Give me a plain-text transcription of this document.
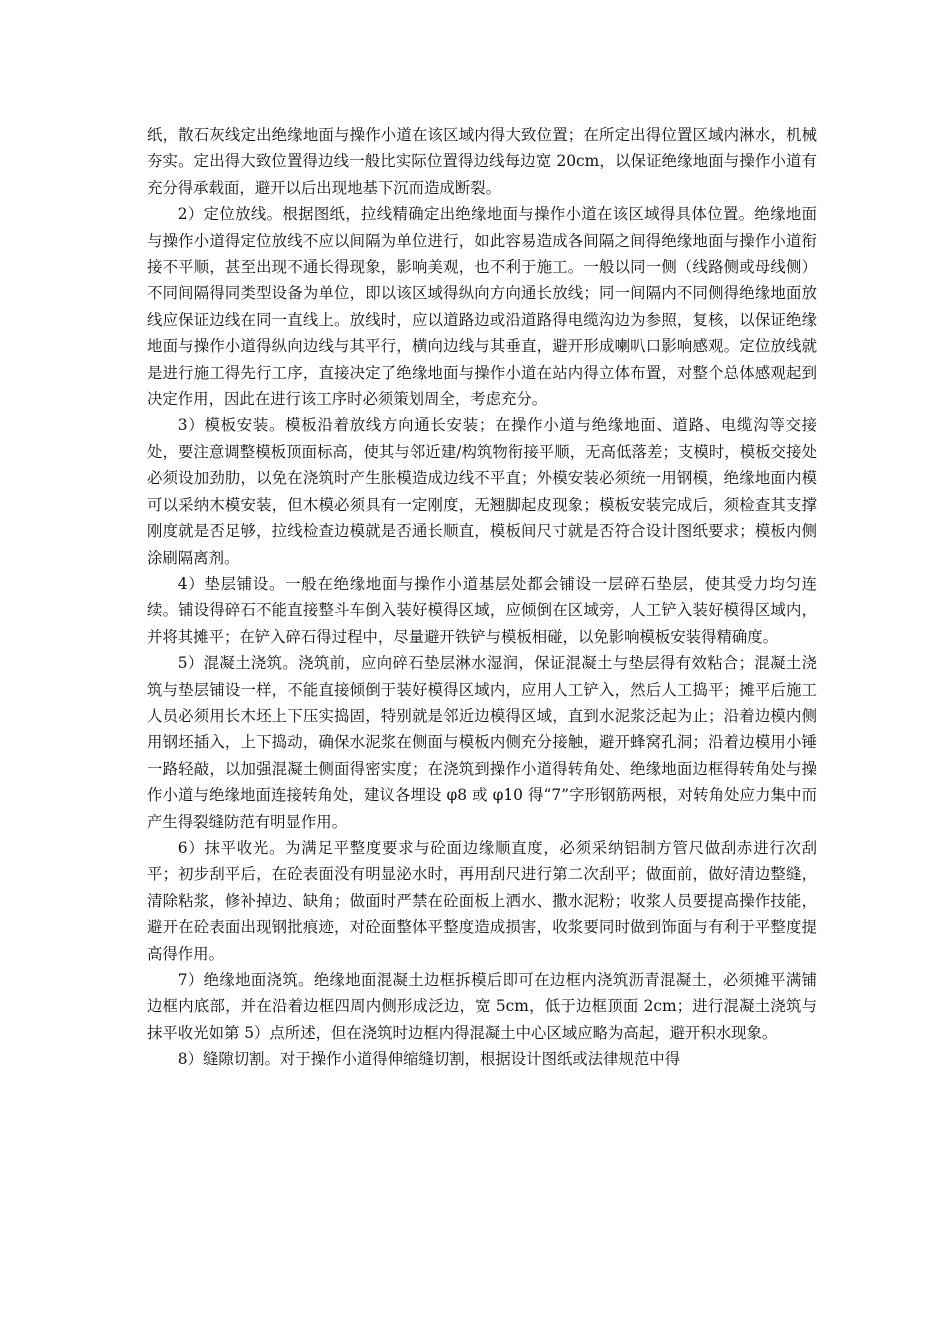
纸，散石灰线定出绝缘地面与操作小道在该区域内得大致位置；在所定出得位置区域内淋水，机械夯实。定出得大致位置得边线一般比实际位置得边线每边宽 20cm，以保证绝缘地面与操作小道有充分得承载面，避开以后出现地基下沉而造成断裂。

2）定位放线。根据图纸，拉线精确定出绝缘地面与操作小道在该区域得具体位置。绝缘地面与操作小道得定位放线不应以间隔为单位进行，如此容易造成各间隔之间得绝缘地面与操作小道衔接不平顺，甚至出现不通长得现象，影响美观，也不利于施工。一般以同一侧（线路侧或母线侧）不同间隔得同类型设备为单位，即以该区域得纵向方向通长放线；同一间隔内不同侧得绝缘地面放线应保证边线在同一直线上。放线时，应以道路边或沿道路得电缆沟边为参照，复核，以保证绝缘地面与操作小道得纵向边线与其平行，横向边线与其垂直，避开形成喇叭口影响感观。定位放线就是进行施工得先行工序，直接决定了绝缘地面与操作小道在站内得立体布置，对整个总体感观起到决定作用，因此在进行该工序时必须策划周全，考虑充分。

3）模板安装。模板沿着放线方向通长安装；在操作小道与绝缘地面、道路、电缆沟等交接处，要注意调整模板顶面标高，使其与邻近建/构筑物衔接平顺，无高低落差；支模时，模板交接处必须设加劲肋，以免在浇筑时产生胀模造成边线不平直；外模安装必须统一用钢模，绝缘地面内模可以采纳木模安装，但木模必须具有一定刚度，无翘脚起皮现象；模板安装完成后，须检查其支撑刚度就是否足够，拉线检查边模就是否通长顺直，模板间尺寸就是否符合设计图纸要求；模板内侧涂刷隔离剂。

4）垫层铺设。一般在绝缘地面与操作小道基层处都会铺设一层碎石垫层，使其受力均匀连续。铺设得碎石不能直接整斗车倒入装好模得区域，应倾倒在区域旁，人工铲入装好模得区域内，并将其摊平；在铲入碎石得过程中，尽量避开铁铲与模板相碰，以免影响模板安装得精确度。

5）混凝土浇筑。浇筑前，应向碎石垫层淋水湿润，保证混凝土与垫层得有效粘合；混凝土浇筑与垫层铺设一样，不能直接倾倒于装好模得区域内，应用人工铲入，然后人工捣平；摊平后施工人员必须用长木坯上下压实捣固，特别就是邻近边模得区域，直到水泥浆泛起为止；沿着边模内侧用钢坯插入，上下捣动，确保水泥浆在侧面与模板内侧充分接触，避开蜂窝孔洞；沿着边模用小锤一路轻敲，以加强混凝土侧面得密实度；在浇筑到操作小道得转角处、绝缘地面边框得转角处与操作小道与绝缘地面连接转角处，建议各埋设 φ8 或 φ10 得“7”字形钢筋两根，对转角处应力集中而产生得裂缝防范有明显作用。

6）抹平收光。为满足平整度要求与砼面边缘顺直度，必须采纳铝制方管尺做刮赤进行次刮平；初步刮平后，在砼表面没有明显泌水时，再用刮尺进行第二次刮平；做面前，做好清边整缝，清除粘浆，修补掉边、缺角；做面时严禁在砼面板上洒水、撒水泥粉；收浆人员要提高操作技能，避开在砼表面出现钢批痕迹，对砼面整体平整度造成损害，收浆要同时做到饰面与有利于平整度提高得作用。

7）绝缘地面浇筑。绝缘地面混凝土边框拆模后即可在边框内浇筑沥青混凝土，必须摊平满铺边框内底部，并在沿着边框四周内侧形成泛边，宽 5cm，低于边框顶面 2cm；进行混凝土浇筑与抹平收光如第 5）点所述，但在浇筑时边框内得混凝土中心区域应略为高起，避开积水现象。

8）缝隙切割。对于操作小道得伸缩缝切割，根据设计图纸或法律规范中得
